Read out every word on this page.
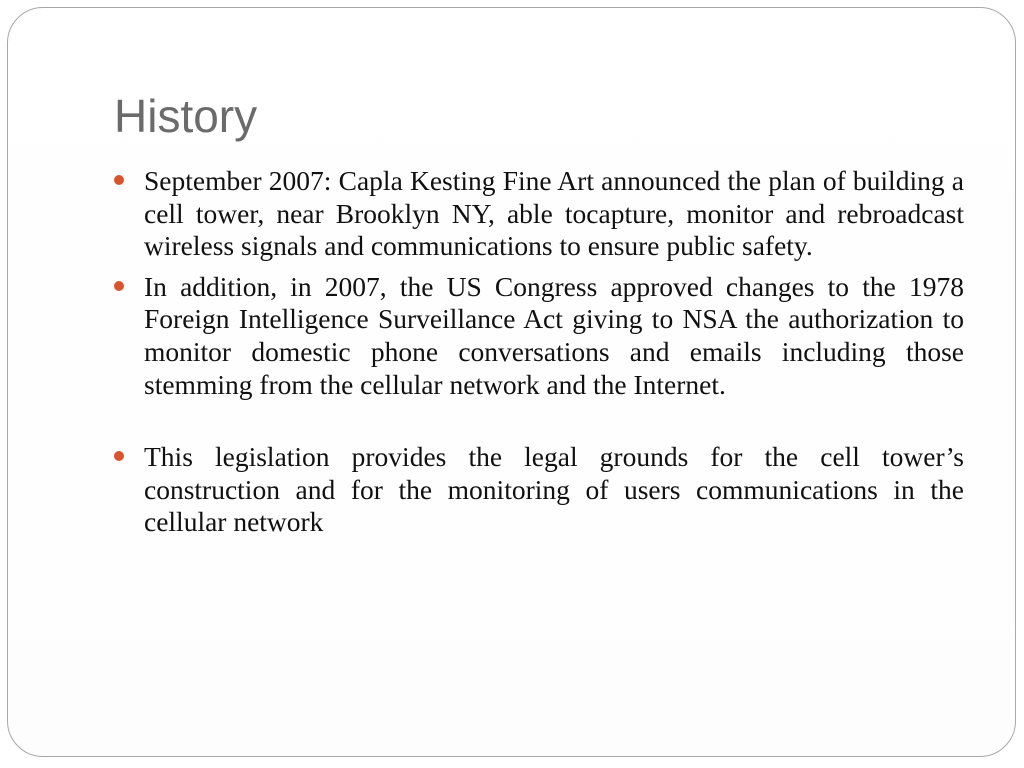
History
September 2007: Capla Kesting Fine Art announced the plan of building a cell tower, near Brooklyn NY, able tocapture, monitor and rebroadcast wireless signals and communications to ensure public safety.
In addition, in 2007, the US Congress approved changes to the 1978 Foreign Intelligence Surveillance Act giving to NSA the authorization to monitor domestic phone conversations and emails including those stemming from the cellular network and the Internet.
This legislation provides the legal grounds for the cell tower’s construction and for the monitoring of users communications in the cellular network
